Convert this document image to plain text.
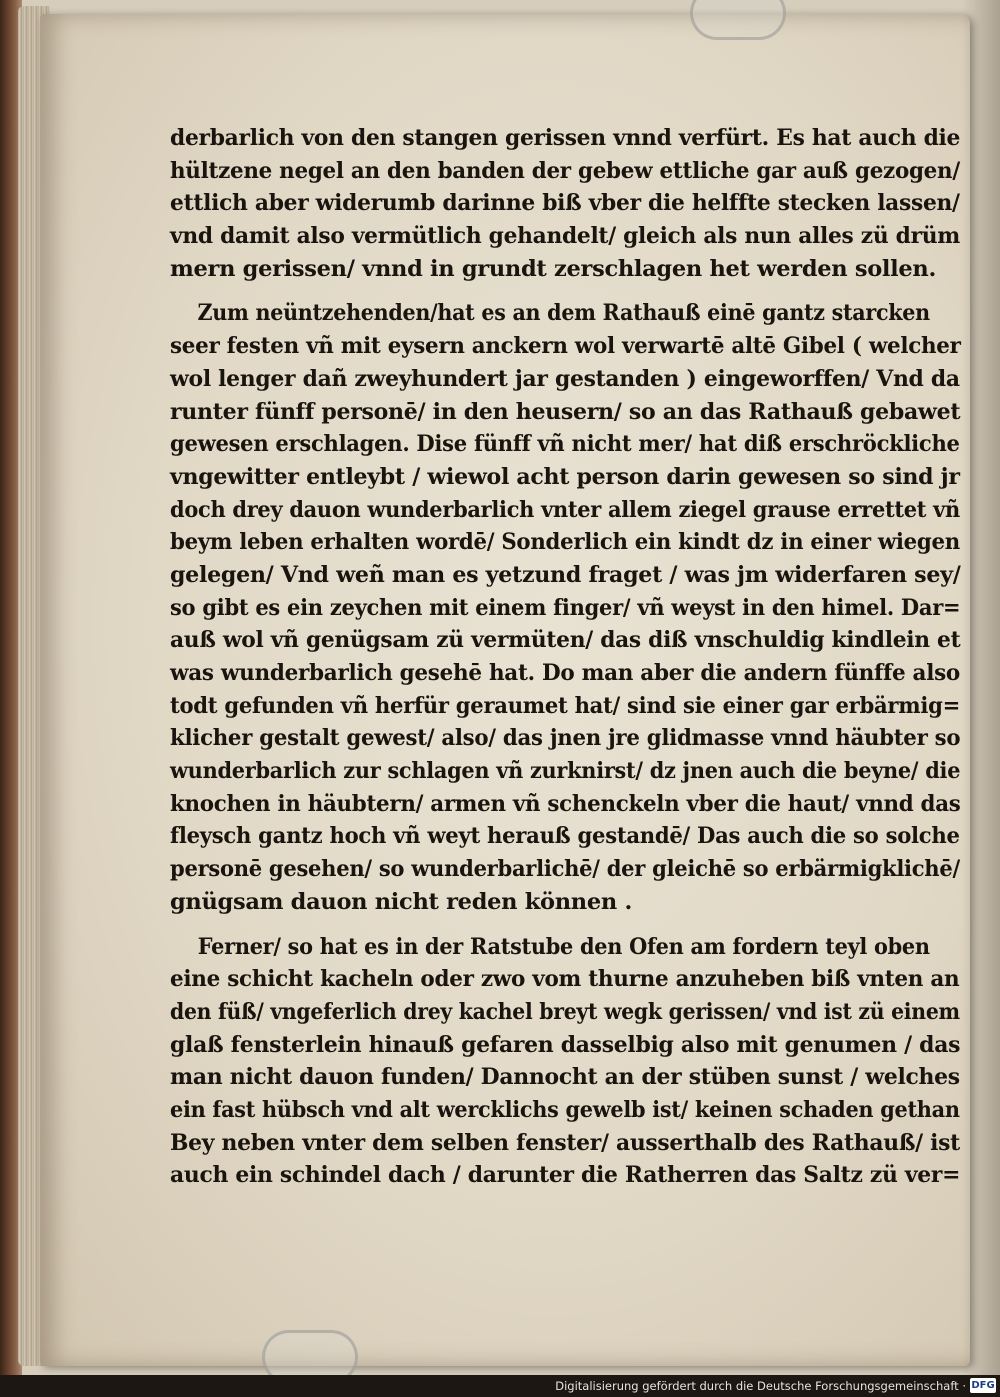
derbarlich von den stangen gerissen vnnd verfürt. Es hat auch die
hültzene negel an den banden der gebew ettliche gar auß gezogen/
ettlich aber widerumb darinne biß vber die helffte stecken lassen/
vnd damit also vermütlich gehandelt/ gleich als nun alles zü drüm
mern gerissen/ vnnd in grundt zerschlagen het werden sollen.
Zum neüntzehenden/hat es an dem Rathauß einē gantz starcken
seer festen vñ mit eysern anckern wol verwartē altē Gibel ( welcher
wol lenger dañ zweyhundert jar gestanden ) eingeworffen/ Vnd da
runter fünff personē/ in den heusern/ so an das Rathauß gebawet
gewesen erschlagen. Dise fünff vñ nicht mer/ hat diß erschröckliche
vngewitter entleybt / wiewol acht person darin gewesen so sind jr
doch drey dauon wunderbarlich vnter allem ziegel grause errettet vñ
beym leben erhalten wordē/ Sonderlich ein kindt dz in einer wiegen
gelegen/ Vnd weñ man es yetzund fraget / was jm widerfaren sey/
so gibt es ein zeychen mit einem finger/ vñ weyst in den himel. Dar=
auß wol vñ genügsam zü vermüten/ das diß vnschuldig kindlein et
was wunderbarlich gesehē hat. Do man aber die andern fünffe also
todt gefunden vñ herfür geraumet hat/ sind sie einer gar erbärmig=
klicher gestalt gewest/ also/ das jnen jre glidmasse vnnd häubter so
wunderbarlich zur schlagen vñ zurknirst/ dz jnen auch die beyne/ die
knochen in häubtern/ armen vñ schenckeln vber die haut/ vnnd das
fleysch gantz hoch vñ weyt herauß gestandē/ Das auch die so solche
personē gesehen/ so wunderbarlichē/ der gleichē so erbärmigklichē/
gnügsam dauon nicht reden können .
Ferner/ so hat es in der Ratstube den Ofen am fordern teyl oben
eine schicht kacheln oder zwo vom thurne anzuheben biß vnten an
den füß/ vngeferlich drey kachel breyt wegk gerissen/ vnd ist zü einem
glaß fensterlein hinauß gefaren dasselbig also mit genumen / das
man nicht dauon funden/ Dannocht an der stüben sunst / welches
ein fast hübsch vnd alt wercklichs gewelb ist/ keinen schaden gethan
Bey neben vnter dem selben fenster/ ausserthalb des Rathauß/ ist
auch ein schindel dach / darunter die Ratherren das Saltz zü ver=
Digitalisierung gefördert durch die Deutsche Forschungsgemeinschaft · DFG
